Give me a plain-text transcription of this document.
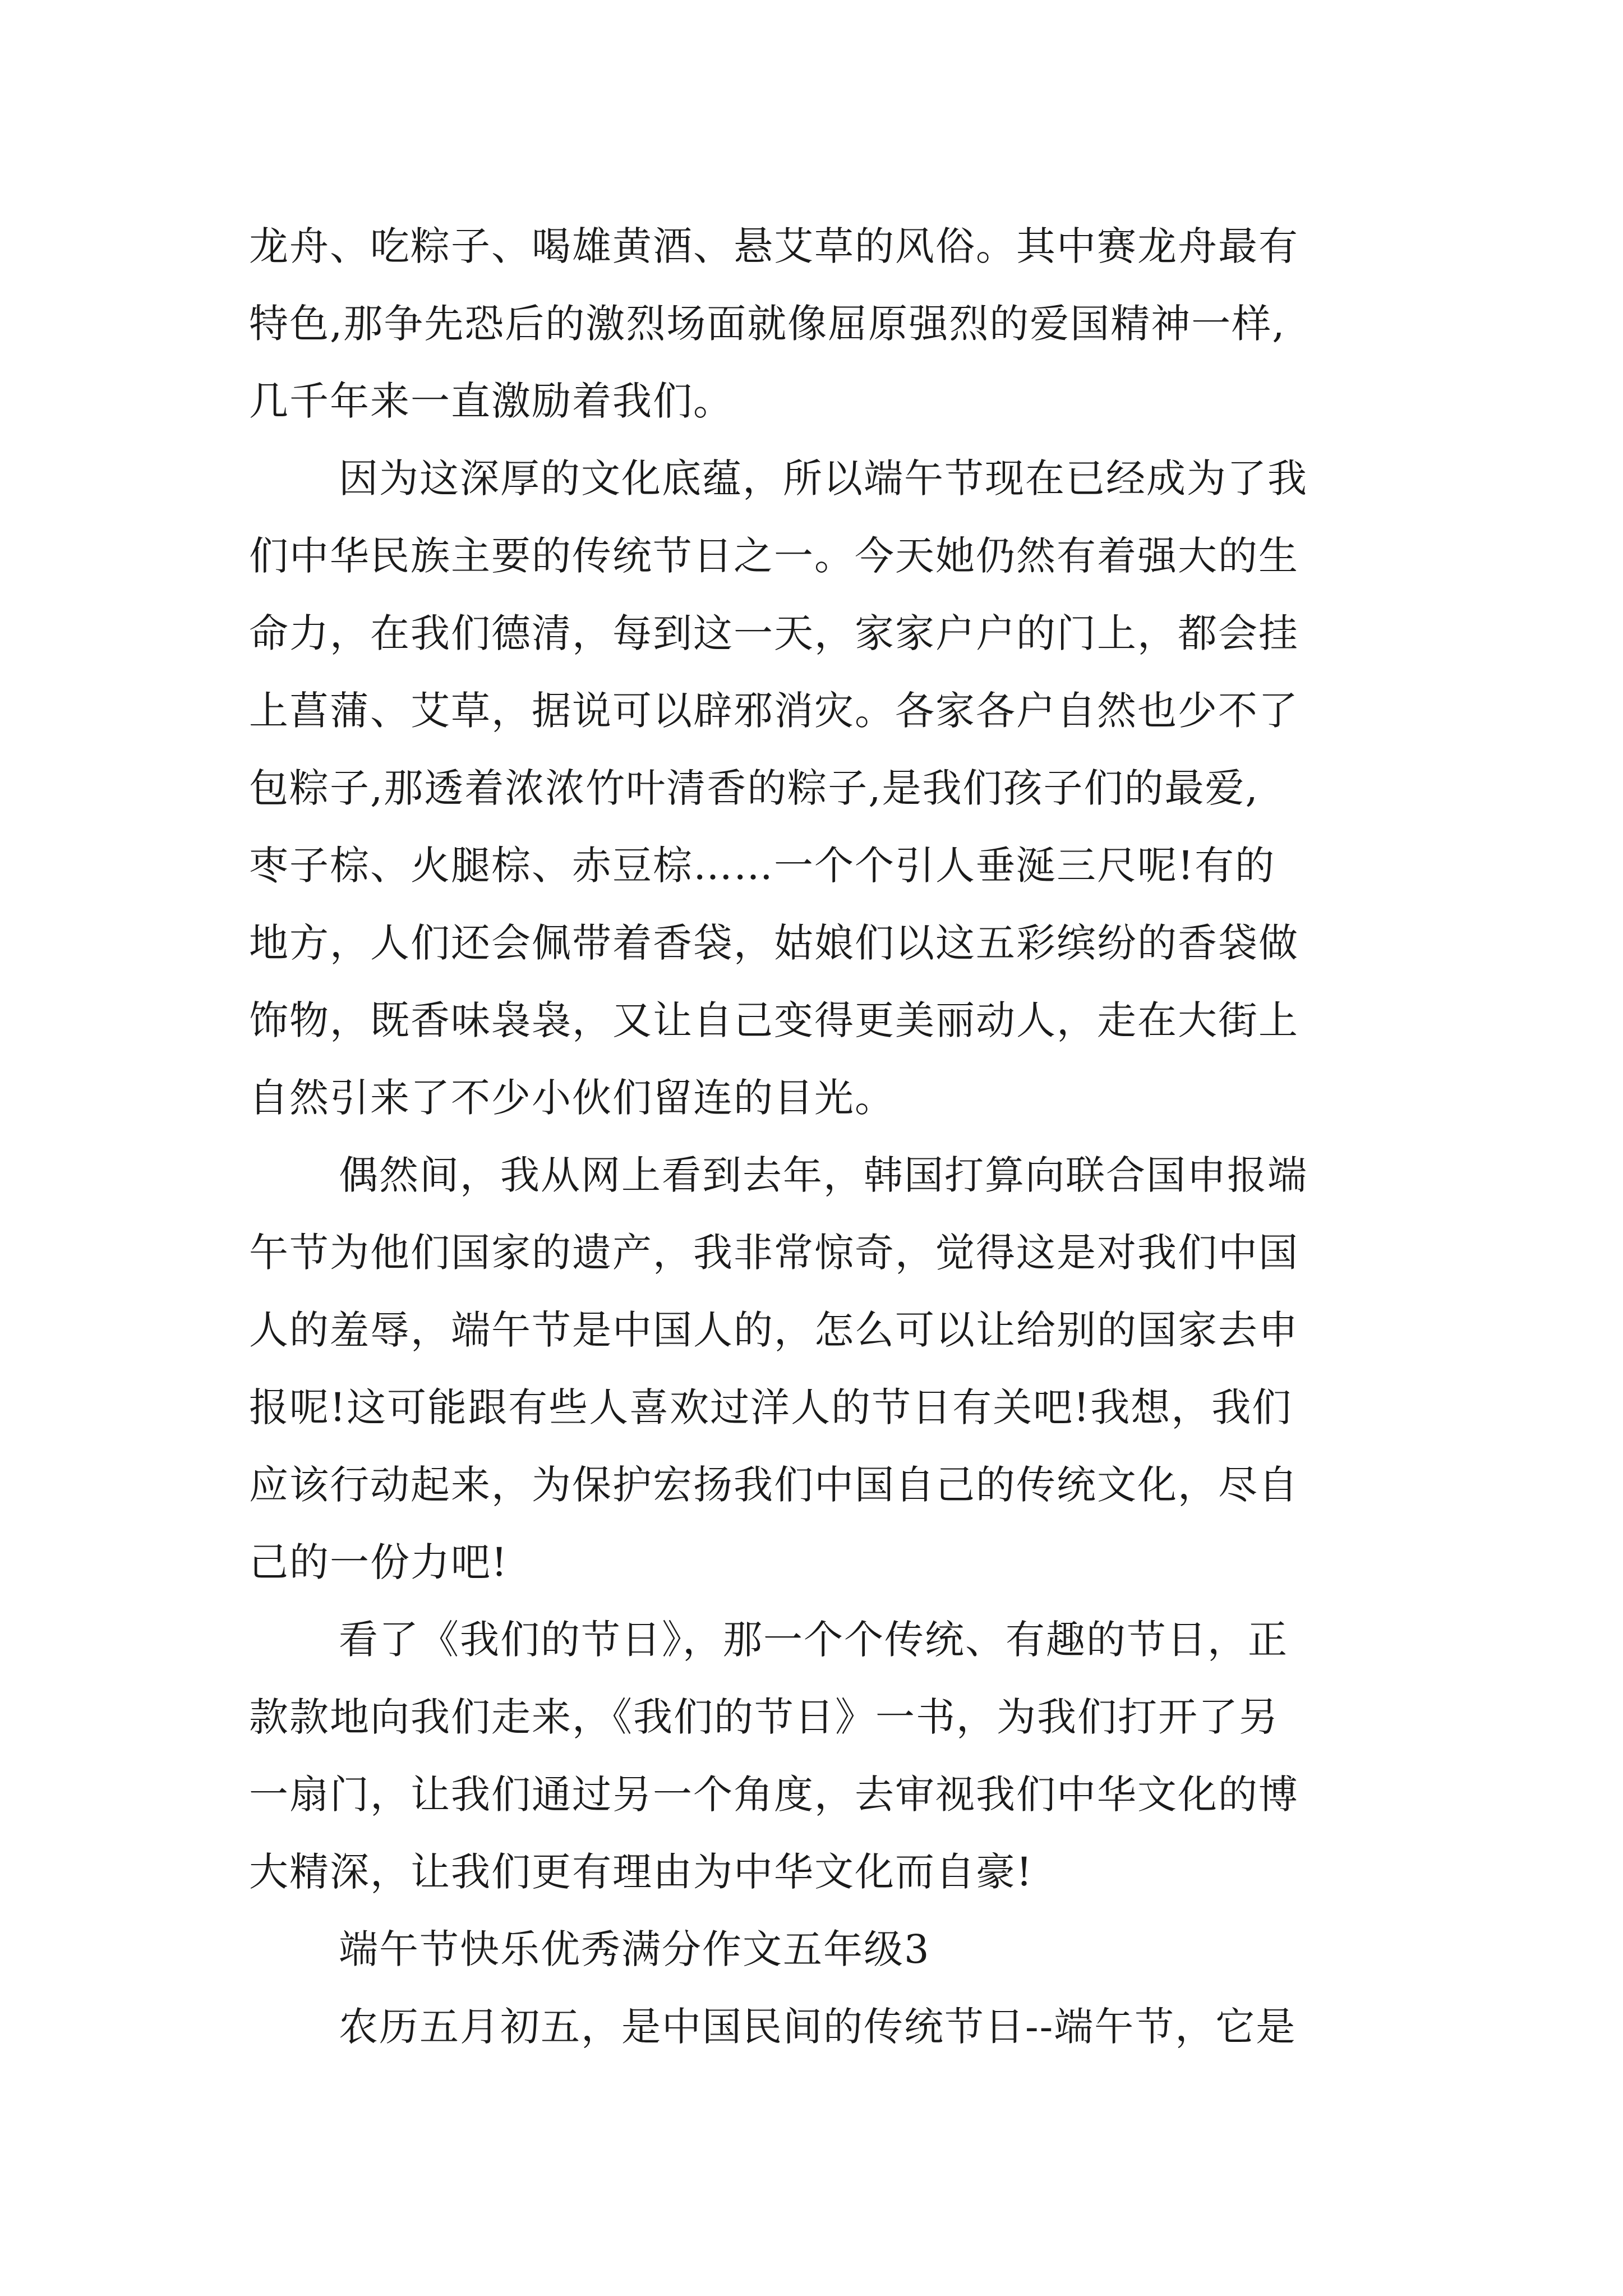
龙舟、吃粽子、喝雄黄酒、悬艾草的风俗。其中赛龙舟最有
特色,那争先恐后的激烈场面就像屈原强烈的爱国精神一样,
几千年来一直激励着我们。
因为这深厚的文化底蕴，所以端午节现在已经成为了我
们中华民族主要的传统节日之一。今天她仍然有着强大的生
命力，在我们德清，每到这一天，家家户户的门上，都会挂
上菖蒲、艾草，据说可以辟邪消灾。各家各户自然也少不了
包粽子,那透着浓浓竹叶清香的粽子,是我们孩子们的最爱,
枣子棕、火腿棕、赤豆棕……一个个引人垂涎三尺呢!有的
地方，人们还会佩带着香袋，姑娘们以这五彩缤纷的香袋做
饰物，既香味袅袅，又让自己变得更美丽动人，走在大街上
自然引来了不少小伙们留连的目光。
偶然间，我从网上看到去年，韩国打算向联合国申报端
午节为他们国家的遗产，我非常惊奇，觉得这是对我们中国
人的羞辱，端午节是中国人的，怎么可以让给别的国家去申
报呢!这可能跟有些人喜欢过洋人的节日有关吧!我想，我们
应该行动起来，为保护宏扬我们中国自己的传统文化，尽自
己的一份力吧!
看了《我们的节日》，那一个个传统、有趣的节日，正
款款地向我们走来，《我们的节日》一书，为我们打开了另
一扇门，让我们通过另一个角度，去审视我们中华文化的博
大精深，让我们更有理由为中华文化而自豪!
端午节快乐优秀满分作文五年级3
农历五月初五，是中国民间的传统节日--端午节，它是
